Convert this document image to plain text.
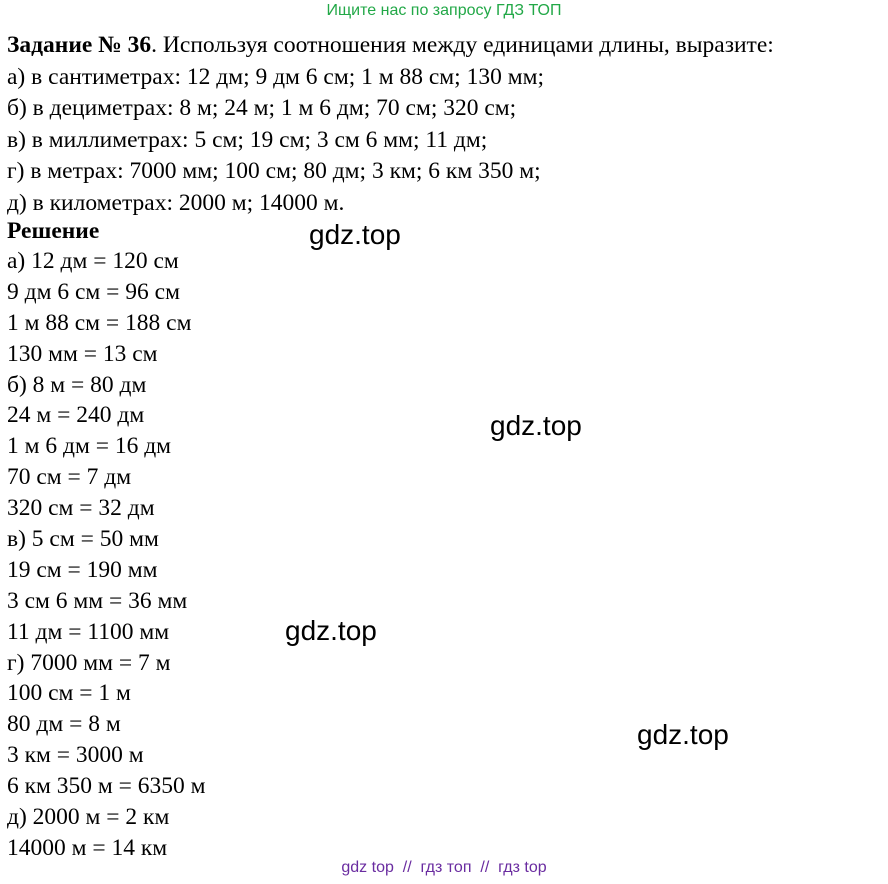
Ищите нас по запросу ГДЗ ТОП
Задание № 36. Используя соотношения между единицами длины, выразите:
а) в сантиметрах: 12 дм; 9 дм 6 см; 1 м 88 см; 130 мм;
б) в дециметрах: 8 м; 24 м; 1 м 6 дм; 70 см; 320 см;
в) в миллиметрах: 5 см; 19 см; 3 см 6 мм; 11 дм;
г) в метрах: 7000 мм; 100 см; 80 дм; 3 км; 6 км 350 м;
д) в километрах: 2000 м; 14000 м.
Решение
а) 12 дм = 120 см
9 дм 6 см = 96 см
1 м 88 см = 188 см
130 мм = 13 см
б) 8 м = 80 дм
24 м = 240 дм
1 м 6 дм = 16 дм
70 см = 7 дм
320 см = 32 дм
в) 5 см = 50 мм
19 см = 190 мм
3 см 6 мм = 36 мм
11 дм = 1100 мм
г) 7000 мм = 7 м
100 см = 1 м
80 дм = 8 м
3 км = 3000 м
6 км 350 м = 6350 м
д) 2000 м = 2 км
14000 м = 14 км
gdz.top
gdz.top
gdz.top
gdz.top
gdz top  //  гдз топ  //  гдз top
